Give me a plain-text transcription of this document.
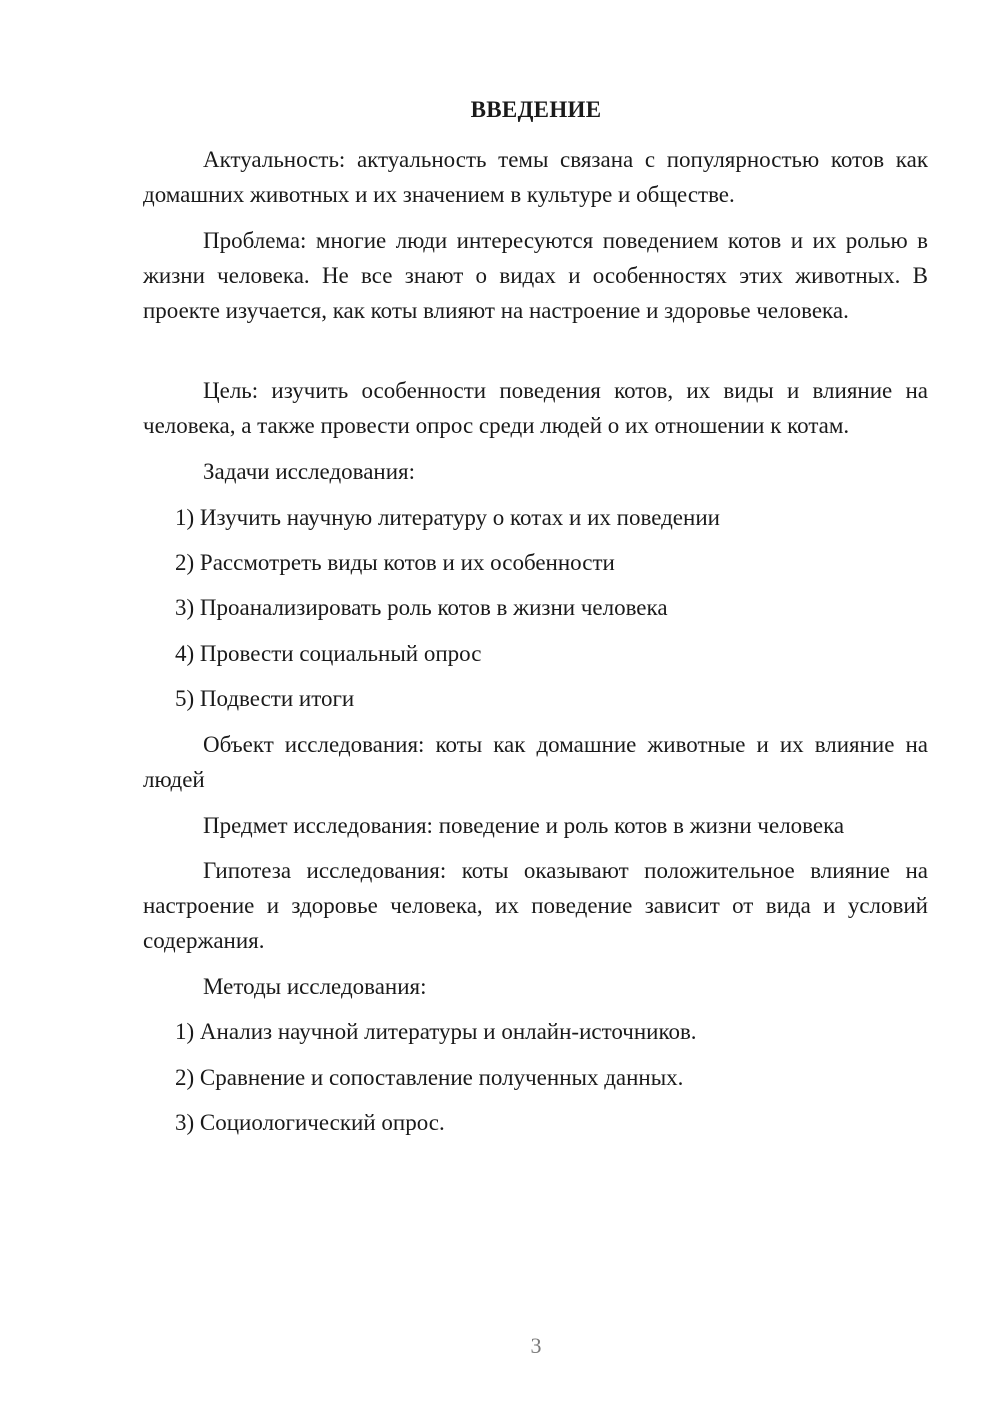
ВВЕДЕНИЕ

Актуальность: актуальность темы связана с популярностью котов как домашних животных и их значением в культуре и обществе.

Проблема: многие люди интересуются поведением котов и их ролью в жизни человека. Не все знают о видах и особенностях этих животных. В проекте изучается, как коты влияют на настроение и здоровье человека.

Цель: изучить особенности поведения котов, их виды и влияние на человека, а также провести опрос среди людей о их отношении к котам.

Задачи исследования:

1) Изучить научную литературу о котах и их поведении
2) Рассмотреть виды котов и их особенности
3) Проанализировать роль котов в жизни человека
4) Провести социальный опрос
5) Подвести итоги

Объект исследования: коты как домашние животные и их влияние на людей

Предмет исследования: поведение и роль котов в жизни человека

Гипотеза исследования: коты оказывают положительное влияние на настроение и здоровье человека, их поведение зависит от вида и условий содержания.

Методы исследования:

1) Анализ научной литературы и онлайн-источников.
2) Сравнение и сопоставление полученных данных.
3) Социологический опрос.
3
